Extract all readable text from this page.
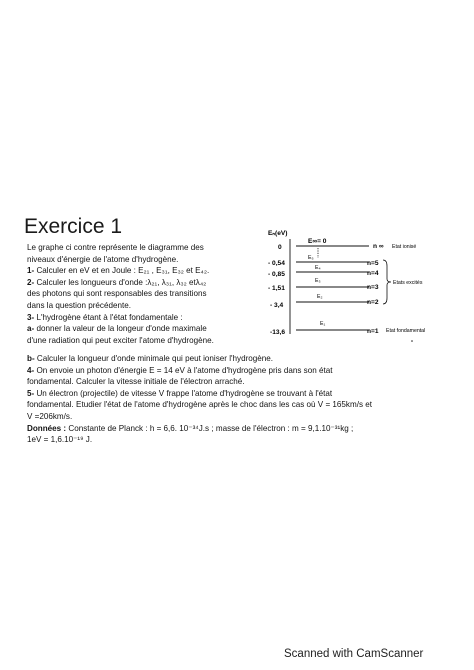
Exercice 1

Le graphe ci contre représente le diagramme des

niveaux d'énergie de l'atome d'hydrogène.

1- Calculer en eV et en Joule : E₂₁ , E₃₁, E₃₂ et E₄₂.

2- Calculer les longueurs d'onde :λ₂₁, λ₃₁, λ₃₂ etλ₄₂

des photons qui sont responsables des transitions

dans la question précédente.

3- L'hydrogène étant à l'état fondamentale :

a- donner la valeur de la longeur d'onde maximale

d'une radiation qui peut exciter l'atome d'hydrogène.

b- Calculer la longueur d'onde minimale qui peut ioniser l'hydrogène.

4- On envoie un photon d'énergie E = 14 eV à l'atome d'hydrogène pris dans son état

fondamental. Calculer la vitesse initiale de l'électron arraché.

5- Un électron (projectile) de vitesse V frappe l'atome d'hydrogène se trouvant à l'état

fondamental. Etudier l'état de l'atome d'hydrogène après le choc dans les cas où V = 165km/s et

V =206km/s.

Données : Constante de Planck : h = 6,6. 10⁻³⁴J.s ; masse de l'électron : m = 9,1.10⁻³¹kg ;

1eV = 1,6.10⁻¹⁹ J.

Eₙ(eV)
0
E∞= 0
n ∞ Etat ionisé
- 0,54
E₅
n=5
- 0,85
E₄
n=4
- 1,51
E₃
n=3
- 3,4
E₂
n=2
Etats excités
-13,6
E₁
n=1 Etat fondamental
Scanned with CamScanner
